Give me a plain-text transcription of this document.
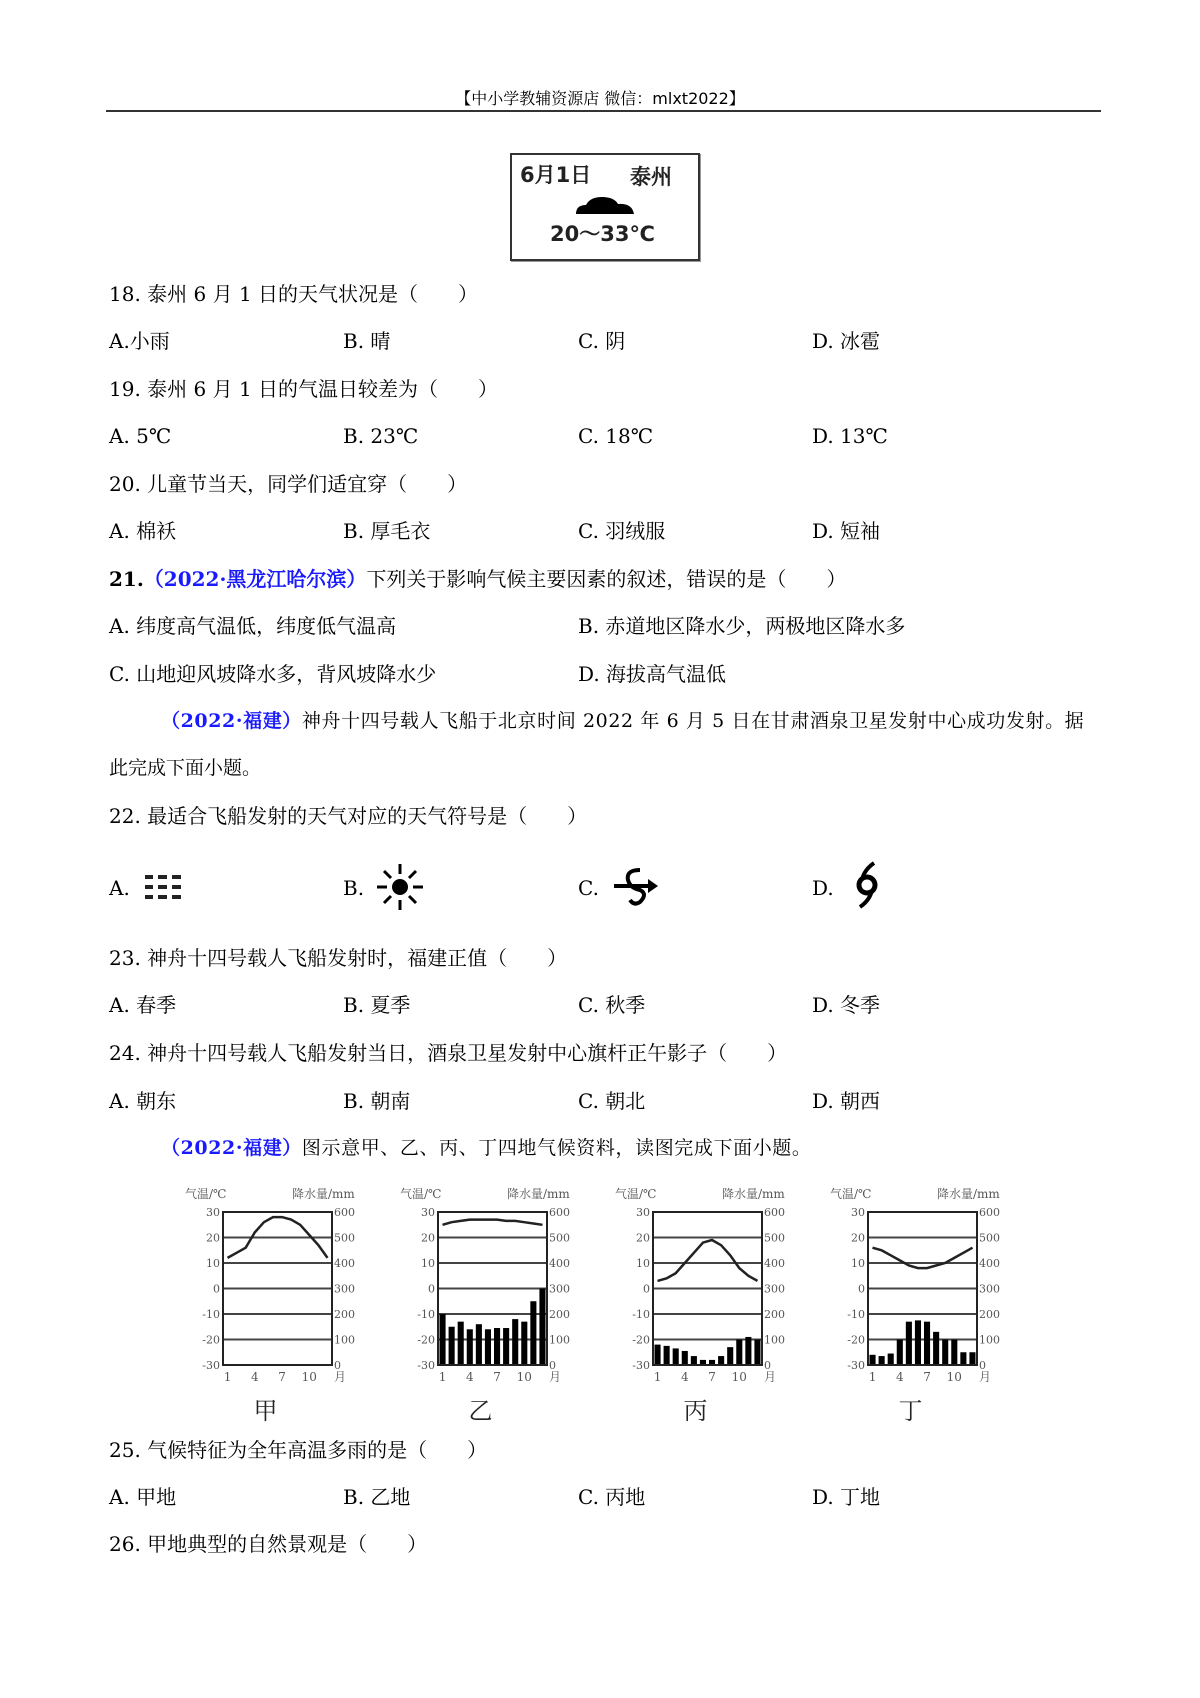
【中小学教辅资源店 微信：mlxt2022】
6月1日 泰州
20～33℃
18. 泰州 6 月 1 日的天气状况是（　　）
A.小雨	B. 晴	C. 阴	D. 冰雹
19. 泰州 6 月 1 日的气温日较差为（　　）
A. 5℃	B. 23℃	C. 18℃	D. 13℃
20. 儿童节当天，同学们适宜穿（　　）
A. 棉袄	B. 厚毛衣	C. 羽绒服	D. 短袖
21.（2022·黑龙江哈尔滨）下列关于影响气候主要因素的叙述，错误的是（　　）
A. 纬度高气温低，纬度低气温高	B. 赤道地区降水少，两极地区降水多
C. 山地迎风坡降水多，背风坡降水少	D. 海拔高气温低
（2022·福建）神舟十四号载人飞船于北京时间 2022 年 6 月 5 日在甘肃酒泉卫星发射中心成功发射。据
此完成下面小题。
22. 最适合飞船发射的天气对应的天气符号是（　　）
A.	B.	C.	D.
23. 神舟十四号载人飞船发射时，福建正值（　　）
A. 春季	B. 夏季	C. 秋季	D. 冬季
24. 神舟十四号载人飞船发射当日，酒泉卫星发射中心旗杆正午影子（　　）
A. 朝东	B. 朝南	C. 朝北	D. 朝西
（2022·福建）图示意甲、乙、丙、丁四地气候资料，读图完成下面小题。
气温/℃	降水量/mm
30	600
20	500
10	400
0	300
-10	200
-20	100
-30	0
1 4 7 10 月
甲
气温/℃	降水量/mm
30	600
20	500
10	400
0	300
-10	200
-20	100
-30	0
1 4 7 10 月
乙
气温/℃	降水量/mm
30	600
20	500
10	400
0	300
-10	200
-20	100
-30	0
1 4 7 10 月
丙
气温/℃	降水量/mm
30	600
20	500
10	400
0	300
-10	200
-20	100
-30	0
1 4 7 10 月
丁
25. 气候特征为全年高温多雨的是（　　）
A. 甲地	B. 乙地	C. 丙地	D. 丁地
26. 甲地典型的自然景观是（　　）
